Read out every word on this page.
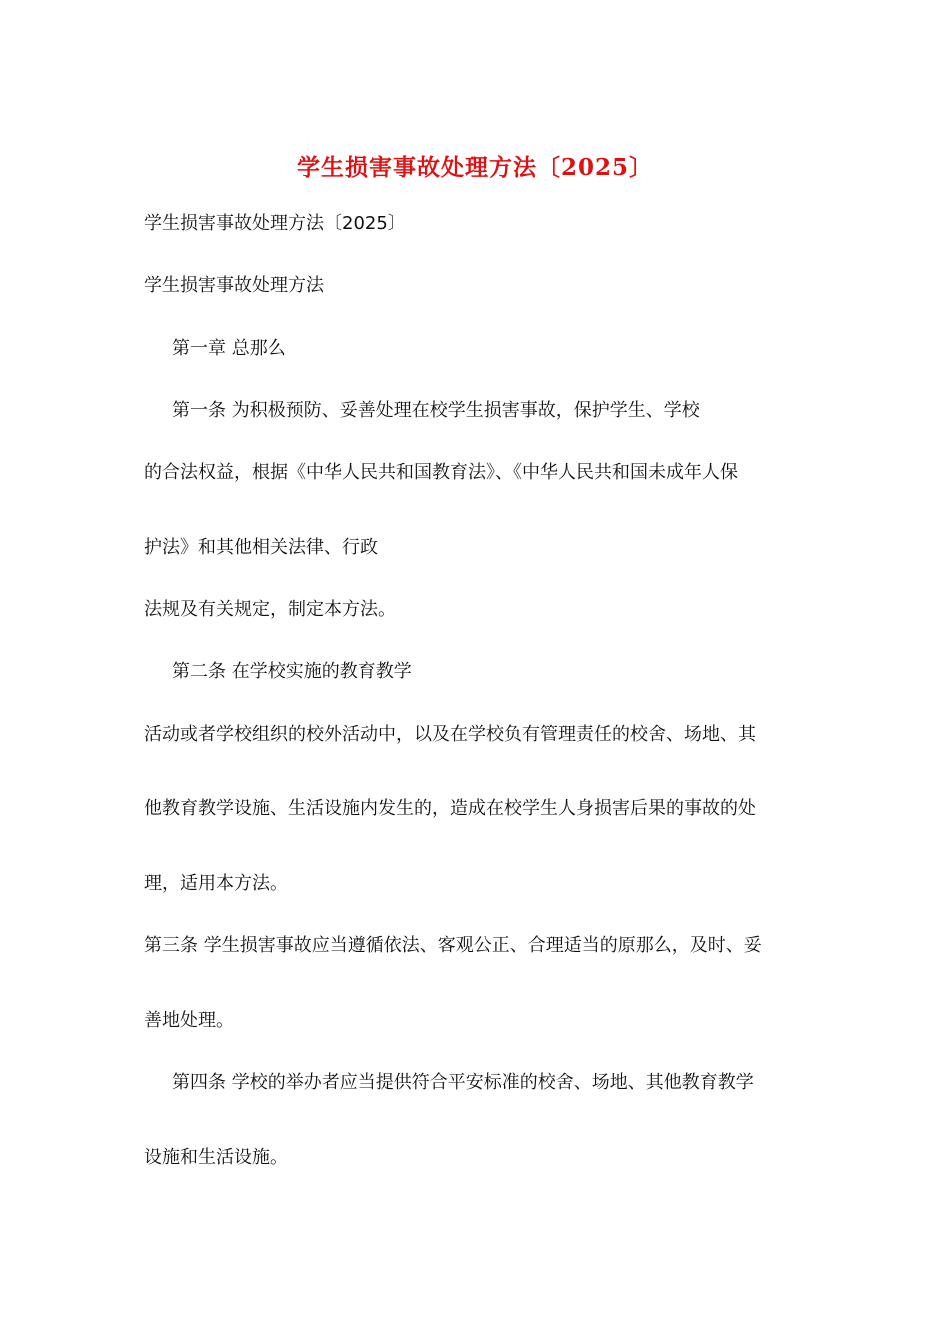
学生损害事故处理方法〔2025〕
学生损害事故处理方法〔2025〕
学生损害事故处理方法
第一章 总那么
第一条 为积极预防、妥善处理在校学生损害事故，保护学生、学校
的合法权益，根据《中华人民共和国教育法》、《中华人民共和国未成年人保
护法》和其他相关法律、行政
法规及有关规定，制定本方法。
第二条 在学校实施的教育教学
活动或者学校组织的校外活动中，以及在学校负有管理责任的校舍、场地、其
他教育教学设施、生活设施内发生的，造成在校学生人身损害后果的事故的处
理，适用本方法。
第三条 学生损害事故应当遵循依法、客观公正、合理适当的原那么，及时、妥
善地处理。
第四条 学校的举办者应当提供符合平安标准的校舍、场地、其他教育教学
设施和生活设施。
